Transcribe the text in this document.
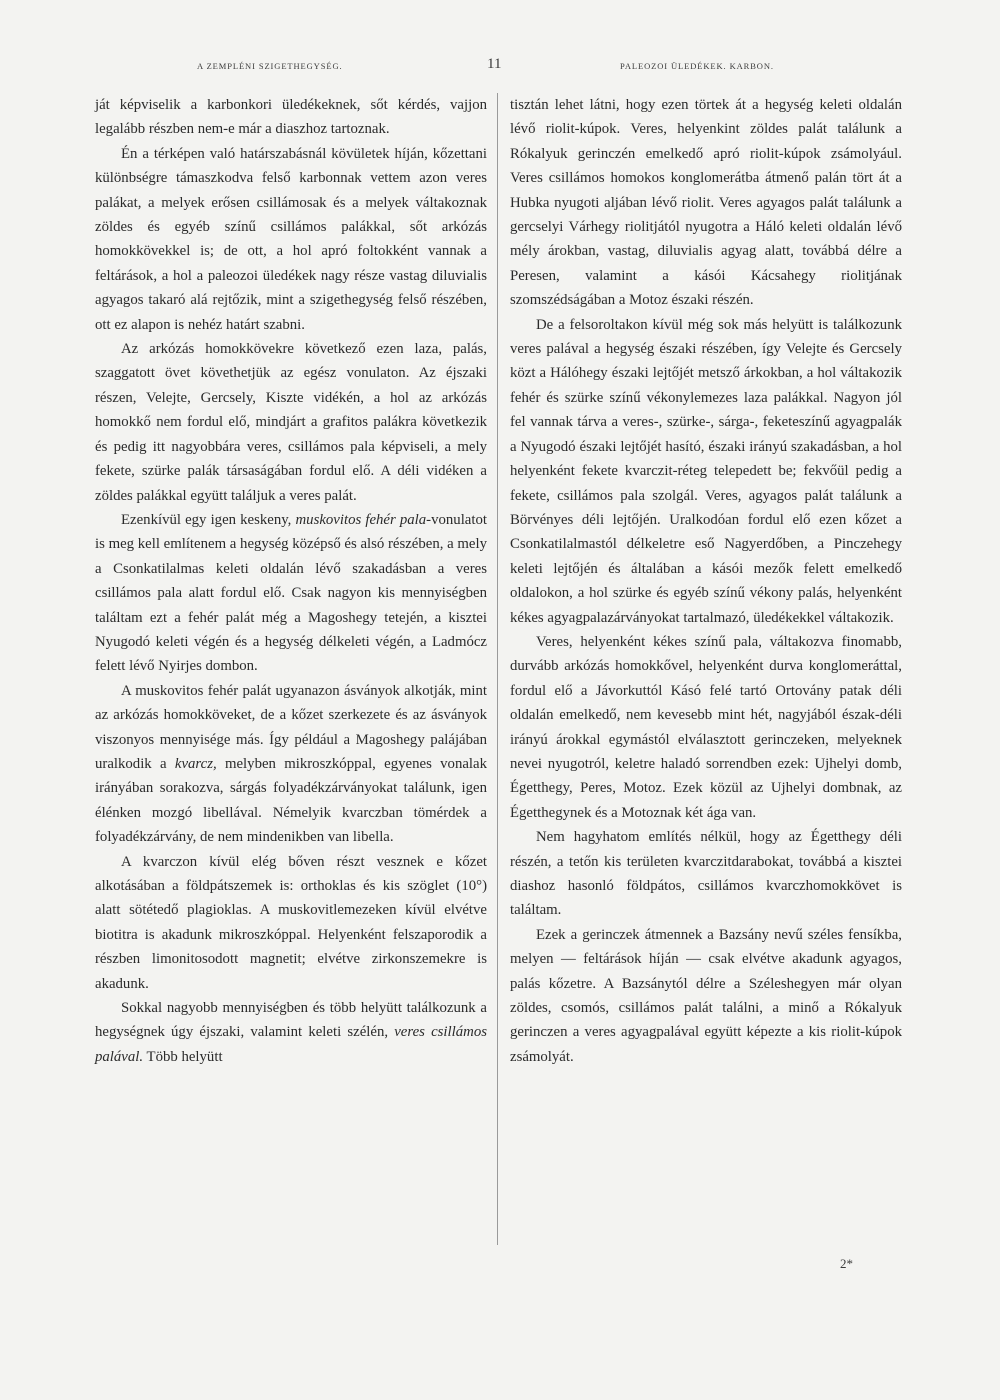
A ZEMPLÉNI SZIGETHEGYSÉG.	11	PALEOZOI ÜLEDÉKEK. KARBON.

ját képviselik a karbonkori üledékeknek, sőt kérdés, vajjon legalább részben nem-e már a diaszhoz tartoznak.

Én a térképen való határszabásnál kövületek híján, kőzettani különbségre támaszkodva felső karbonnak vettem azon veres palákat, a melyek erősen csillámosak és a melyek váltakoznak zöldes és egyéb színű csillámos palákkal, sőt arkózás homokkövekkel is; de ott, a hol apró foltokként vannak a feltárások, a hol a paleozoi üledékek nagy része vastag diluvialis agyagos takaró alá rejtőzik, mint a szigethegység felső részében, ott ez alapon is nehéz határt szabni.

Az arkózás homokkövekre következő ezen laza, palás, szaggatott övet követhetjük az egész vonulaton. Az éjszaki részen, Velejte, Gercsely, Kiszte vidékén, a hol az arkózás homokkő nem fordul elő, mindjárt a grafitos palákra következik és pedig itt nagyobbára veres, csillámos pala képviseli, a mely fekete, szürke palák társaságában fordul elő. A déli vidéken a zöldes palákkal együtt találjuk a veres palát.

Ezenkívül egy igen keskeny, muskovitos fehér pala-vonulatot is meg kell említenem a hegység középső és alsó részében, a mely a Csonkatilalmas keleti oldalán lévő szakadásban a veres csillámos pala alatt fordul elő. Csak nagyon kis mennyiségben találtam ezt a fehér palát még a Magoshegy tetején, a kisztei Nyugodó keleti végén és a hegység délkeleti végén, a Ladmócz felett lévő Nyirjes dombon.

A muskovitos fehér palát ugyanazon ásványok alkotják, mint az arkózás homokköveket, de a kőzet szerkezete és az ásványok viszonyos mennyisége más. Így például a Magoshegy palájában uralkodik a kvarcz, melyben mikroszkóppal, egyenes vonalak irányában sorakozva, sárgás folyadékzárványokat találunk, igen élénken mozgó libellával. Némelyik kvarczban tömérdek a folyadékzárvány, de nem mindenikben van libella.

A kvarczon kívül elég bőven részt vesznek e kőzet alkotásában a földpátszemek is: orthoklas és kis szöglet (10°) alatt sötétedő plagioklas. A muskovitlemezeken kívül elvétve biotitra is akadunk mikroszkóppal. Helyenként felszaporodik a részben limonitosodott magnetit; elvétve zirkonszemekre is akadunk.

Sokkal nagyobb mennyiségben és több helyütt találkozunk a hegységnek úgy éjszaki, valamint keleti szélén, veres csillámos palával. Több helyütt

tisztán lehet látni, hogy ezen törtek át a hegység keleti oldalán lévő riolit-kúpok. Veres, helyenkint zöldes palát találunk a Rókalyuk gerinczén emelkedő apró riolit-kúpok zsámolyául. Veres csillámos homokos konglomerátba átmenő palán tört át a Hubka nyugoti aljában lévő riolit. Veres agyagos palát találunk a gercselyi Várhegy riolitjától nyugotra a Háló keleti oldalán lévő mély árokban, vastag, diluvialis agyag alatt, továbbá délre a Peresen, valamint a kásói Kácsahegy riolitjának szomszédságában a Motoz északi részén.

De a felsoroltakon kívül még sok más helyütt is találkozunk veres palával a hegység északi részében, így Velejte és Gercsely közt a Hálóhegy északi lejtőjét metsző árkokban, a hol váltakozik fehér és szürke színű vékonylemezes laza palákkal. Nagyon jól fel vannak tárva a veres-, szürke-, sárga-, feketeszínű agyagpalák a Nyugodó északi lejtőjét hasító, északi irányú szakadásban, a hol helyenként fekete kvarczit-réteg telepedett be; fekvőül pedig a fekete, csillámos pala szolgál. Veres, agyagos palát találunk a Börvényes déli lejtőjén. Uralkodóan fordul elő ezen kőzet a Csonkatilalmastól délkeletre eső Nagyerdőben, a Pinczehegy keleti lejtőjén és általában a kásói mezők felett emelkedő oldalokon, a hol szürke és egyéb színű vékony palás, helyenként kékes agyagpalazárványokat tartalmazó, üledékekkel váltakozik.

Veres, helyenként kékes színű pala, váltakozva finomabb, durvább arkózás homokkővel, helyenként durva konglomeráttal, fordul elő a Jávorkuttól Kásó felé tartó Ortovány patak déli oldalán emelkedő, nem kevesebb mint hét, nagyjából észak-déli irányú árokkal egymástól elválasztott gerinczeken, melyeknek nevei nyugotról, keletre haladó sorrendben ezek: Ujhelyi domb, Égetthegy, Peres, Motoz. Ezek közül az Ujhelyi dombnak, az Égetthegynek és a Motoznak két ága van.

Nem hagyhatom említés nélkül, hogy az Égetthegy déli részén, a tetőn kis területen kvarczitdarabokat, továbbá a kisztei diashoz hasonló földpátos, csillámos kvarczhomokkövet is találtam.

Ezek a gerinczek átmennek a Bazsány nevű széles fensíkba, melyen — feltárások híján — csak elvétve akadunk agyagos, palás kőzetre. A Bazsánytól délre a Széleshegyen már olyan zöldes, csomós, csillámos palát találni, a minő a Rókalyuk gerinczen a veres agyagpalával együtt képezte a kis riolit-kúpok zsámolyát.

2*
